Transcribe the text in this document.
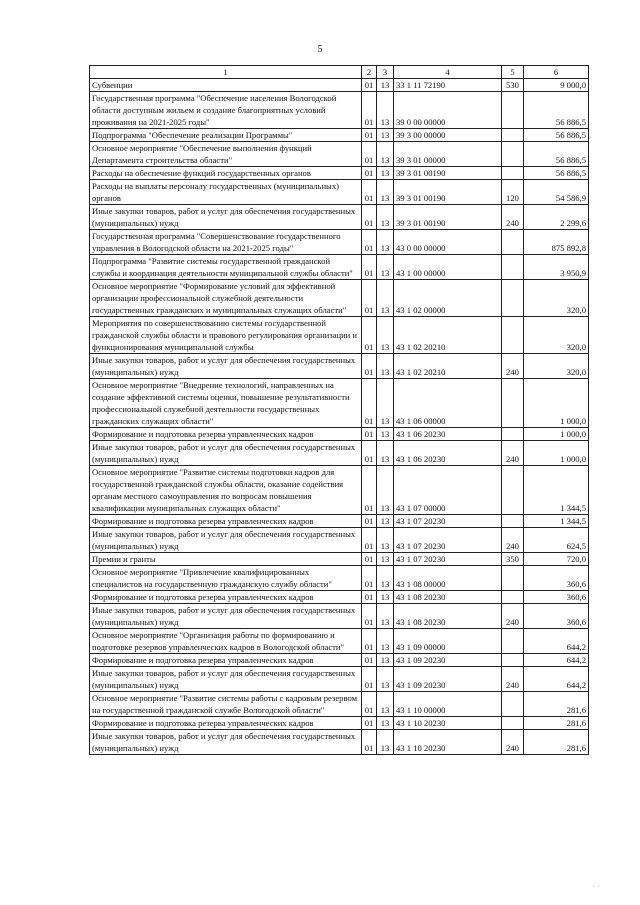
5
1	2	3	4	5	6
Субвенции	01	13	33 1 11 72190	530	9 000,0
Государственная программа "Обеспечение населения Вологодской области доступным жильем и создание благоприятных условий проживания на 2021-2025 годы"	01	13	39 0 00 00000		56 886,5
Подпрограмма "Обеспечение реализации Программы"	01	13	39 3 00 00000		56 886,5
Основное мероприятие "Обеспечение выполнения функций Департамента строительства области"	01	13	39 3 01 00000		56 886,5
Расходы на обеспечение функций государственных органов	01	13	39 3 01 00190		56 886,5
Расходы на выплаты персоналу государственных (муниципальных) органов	01	13	39 3 01 00190	120	54 586,9
Иные закупки товаров, работ и услуг для обеспечения государственных (муниципальных) нужд	01	13	39 3 01 00190	240	2 299,6
Государственная программа "Совершенствование государственного управления в Вологодской области на 2021-2025 годы"	01	13	43 0 00 00000		875 892,8
Подпрограмма "Развитие системы государственной гражданской службы и координация деятельности муниципальной службы области"	01	13	43 1 00 00000		3 950,9
Основное мероприятие "Формирование условий для эффективной организации профессиональной служебной деятельности государственных гражданских и муниципальных служащих области"	01	13	43 1 02 00000		320,0
Мероприятия по совершенствованию системы государственной гражданской службы области и правового регулирования организации и функционирования муниципальной службы	01	13	43 1 02 20210		320,0
Иные закупки товаров, работ и услуг для обеспечения государственных (муниципальных) нужд	01	13	43 1 02 20210	240	320,0
Основное мероприятие "Внедрение технологий, направленных на создание эффективной системы оценки, повышение результативности профессиональной служебной деятельности государственных гражданских служащих области"	01	13	43 1 06 00000		1 000,0
Формирование и подготовка резерва управленческих кадров	01	13	43 1 06 20230		1 000,0
Иные закупки товаров, работ и услуг для обеспечения государственных (муниципальных) нужд	01	13	43 1 06 20230	240	1 000,0
Основное мероприятие "Развитие системы подготовки кадров для государственной гражданской службы области, оказание содействия органам местного самоуправления по вопросам повышения квалификации муниципальных служащих области"	01	13	43 1 07 00000		1 344,5
Формирование и подготовка резерва управленческих кадров	01	13	43 1 07 20230		1 344,5
Иные закупки товаров, работ и услуг для обеспечения государственных (муниципальных) нужд	01	13	43 1 07 20230	240	624,5
Премии и гранты	01	13	43 1 07 20230	350	720,0
Основное мероприятие "Привлечение квалифицированных специалистов на государственную гражданскую службу области"	01	13	43 1 08 00000		360,6
Формирование и подготовка резерва управленческих кадров	01	13	43 1 08 20230		360,6
Иные закупки товаров, работ и услуг для обеспечения государственных (муниципальных) нужд	01	13	43 1 08 20230	240	360,6
Основное мероприятие "Организация работы по формированию и подготовке резервов управленческих кадров в Вологодской области"	01	13	43 1 09 00000		644,2
Формирование и подготовка резерва управленческих кадров	01	13	43 1 09 20230		644,2
Иные закупки товаров, работ и услуг для обеспечения государственных (муниципальных) нужд	01	13	43 1 09 20230	240	644,2
Основное мероприятие "Развитие системы работы с кадровым резервом на государственной гражданской службе Вологодской области"	01	13	43 1 10 00000		281,6
Формирование и подготовка резерва управленческих кадров	01	13	43 1 10 20230		281,6
Иные закупки товаров, работ и услуг для обеспечения государственных (муниципальных) нужд	01	13	43 1 10 20230	240	281,6
· ·
